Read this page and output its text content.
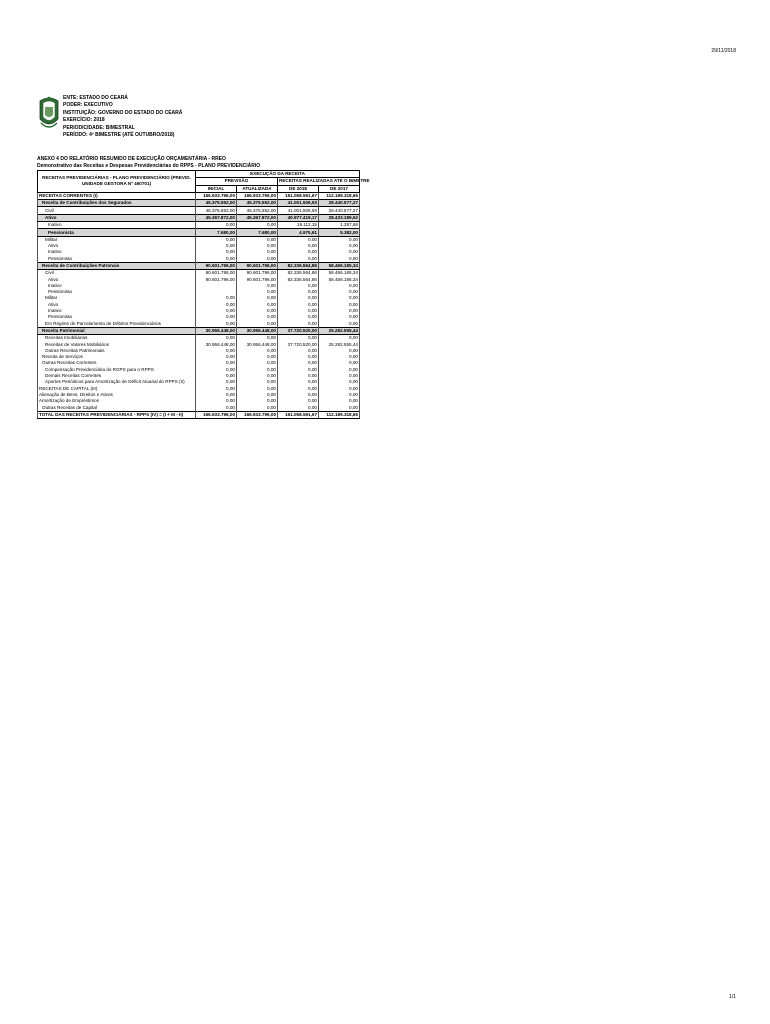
29/11/2018
ENTE: ESTADO DO CEARÁ
PODER: EXECUTIVO
INSTITUIÇÃO: GOVERNO DO ESTADO DO CEARÁ
EXERCÍCIO: 2018
PERIODICIDADE: BIMESTRAL
PERÍODO: 4º BIMESTRE (ATÉ OUTUBRO/2018)
ANEXO 4 DO RELATÓRIO RESUMIDO DE EXECUÇÃO ORÇAMENTÁRIA - RREO
Demonstrativo das Receitas e Despesas Previdenciárias do RPPS - PLANO PREVIDENCIÁRIO
RECEITAS PREVIDENCIÁRIAS - PLANO PREVIDENCIÁRIO (PREVID. UNIDADE GESTORA Nº 460701)	EXECUÇÃO DA RECEITA			
	PREVISÃO		RECEITAS REALIZADAS ATÉ O BIMETRE	
	INICIAL	ATUALIZADA	DE 2018	DE 2017
RECEITAS CORRENTES (I)	166.933.796,00	166.933.796,00	161.058.591,67	112.189.318,65
Receita de Contribuições dos Segurados	45.375.552,00	45.375.552,00	41.001.506,93	28.440.577,27
Civil	45.375.552,00	45.375.552,00	41.001.506,93	28.440.577,27
Ativo	45.367.872,00	45.367.872,00	40.977.419,17	28.433.189,62
Inativo	0,00	0,00	19.112,15	1.257,68
Pensionista	7.680,00	7.680,00	4.975,61	5.382,00
Militar	0,00	0,00	0,00	0,00
Ativo	0,00	0,00	0,00	0,00
Inativo	0,00	0,00	0,00	0,00
Pensionista	0,00	0,00	0,00	0,00
Receita de Contribuições Patronais	90.601.796,00	90.601.796,00	82.336.564,86	58.466.185,34
Civil	90.601.796,00	90.601.796,00	82.336.564,86	58.466.185,34
Ativo	90.601.796,00	90.601.796,00	82.336.564,86	58.466.185,34
Inativo		0,00	0,00	0,00
Pensionista		0,00	0,00	0,00
Militar	0,00	0,00	0,00	0,00
Ativo	0,00	0,00	0,00	0,00
Inativo	0,00	0,00	0,00	0,00
Pensionista	0,00	0,00	0,00	0,00
Em Regime de Parcelamento de Débitos Previdenciários	0,00	0,00	0,00	0,00
Receita Patrimonial	30.956.448,00	30.956.448,00	37.720.520,00	25.282.555,44
Receitas Imobiliárias	0,00	0,00	0,00	0,00
Receitas de Valores Mobiliários	30.956.448,00	30.956.448,00	37.720.520,00	25.282.555,44
Outras Receitas Patrimoniais	0,00	0,00	0,00	0,00
Receita de Serviços	0,00	0,00	0,00	0,00
Outras Receitas Correntes	0,00	0,00	0,00	0,00
Compensação Previdenciária do RGPS para o RPPS	0,00	0,00	0,00	0,00
Demais Receitas Correntes	0,00	0,00	0,00	0,00
Aportes Periódicos para Amortização de Déficit Atuarial do RPPS (II)	0,00	0,00	0,00	0,00
RECEITAS DE CAPITAL (III)	0,00	0,00	0,00	0,00
Alienação de Bens, Direitos e Ativos	0,00	0,00	0,00	0,00
Amortização de Empréstimos	0,00	0,00	0,00	0,00
Outras Receitas de Capital	0,00	0,00	0,00	0,00
TOTAL DAS RECEITAS PREVIDENCIÁRIAS - RPPS (IV) = (I + III - II)	166.933.796,00	166.933.796,00	161.058.591,67	112.189.318,65
1/1
